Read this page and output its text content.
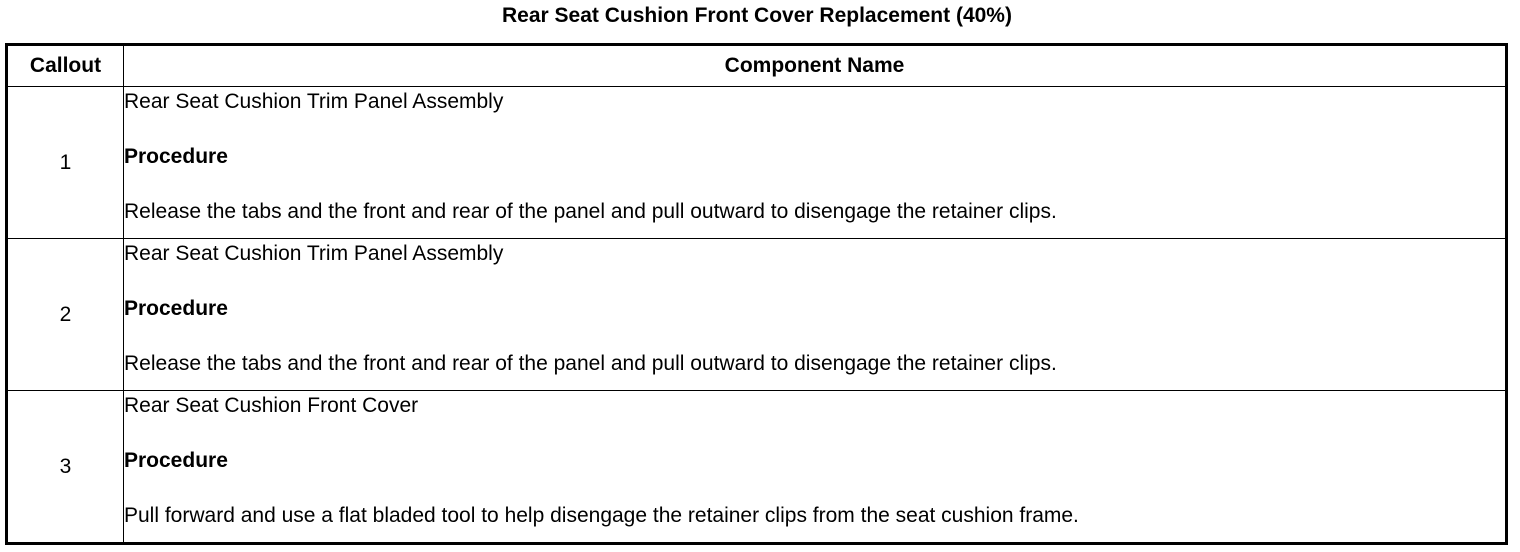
Rear Seat Cushion Front Cover Replacement (40%)
Callout	Component Name
1	Rear Seat Cushion Trim Panel Assembly
Procedure
Release the tabs and the front and rear of the panel and pull outward to disengage the retainer clips.

2	Rear Seat Cushion Trim Panel Assembly
Procedure
Release the tabs and the front and rear of the panel and pull outward to disengage the retainer clips.

3	Rear Seat Cushion Front Cover
Procedure
Pull forward and use a flat bladed tool to help disengage the retainer clips from the seat cushion frame.
